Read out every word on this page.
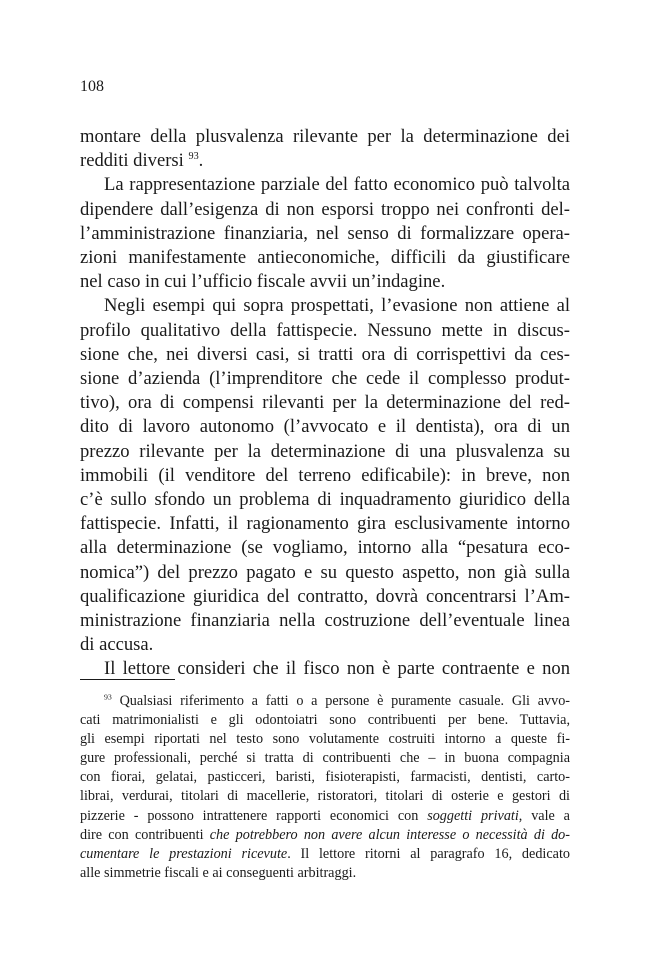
108
montare della plusvalenza rilevante per la determinazione dei
redditi diversi $^{93}$.
La rappresentazione parziale del fatto economico può talvolta
dipendere dall’esigenza di non esporsi troppo nei confronti del-
l’amministrazione finanziaria, nel senso di formalizzare opera-
zioni manifestamente antieconomiche, difficili da giustificare
nel caso in cui l’ufficio fiscale avvii un’indagine.
Negli esempi qui sopra prospettati, l’evasione non attiene al
profilo qualitativo della fattispecie. Nessuno mette in discus-
sione che, nei diversi casi, si tratti ora di corrispettivi da ces-
sione d’azienda (l’imprenditore che cede il complesso produt-
tivo), ora di compensi rilevanti per la determinazione del red-
dito di lavoro autonomo (l’avvocato e il dentista), ora di un
prezzo rilevante per la determinazione di una plusvalenza su
immobili (il venditore del terreno edificabile): in breve, non
c’è sullo sfondo un problema di inquadramento giuridico della
fattispecie. Infatti, il ragionamento gira esclusivamente intorno
alla determinazione (se vogliamo, intorno alla “pesatura eco-
nomica”) del prezzo pagato e su questo aspetto, non già sulla
qualificazione giuridica del contratto, dovrà concentrarsi l’Am-
ministrazione finanziaria nella costruzione dell’eventuale linea
di accusa.
Il lettore consideri che il fisco non è parte contraente e non
$^{93}$ Qualsiasi riferimento a fatti o a persone è puramente casuale. Gli avvo-
cati matrimonialisti e gli odontoiatri sono contribuenti per bene. Tuttavia,
gli esempi riportati nel testo sono volutamente costruiti intorno a queste fi-
gure professionali, perché si tratta di contribuenti che – in buona compagnia
con fiorai, gelatai, pasticceri, baristi, fisioterapisti, farmacisti, dentisti, carto-
librai, verdurai, titolari di macellerie, ristoratori, titolari di osterie e gestori di
pizzerie - possono intrattenere rapporti economici con soggetti privati, vale a
dire con contribuenti che potrebbero non avere alcun interesse o necessità di do-
cumentare le prestazioni ricevute. Il lettore ritorni al paragrafo 16, dedicato
alle simmetrie fiscali e ai conseguenti arbitraggi.
